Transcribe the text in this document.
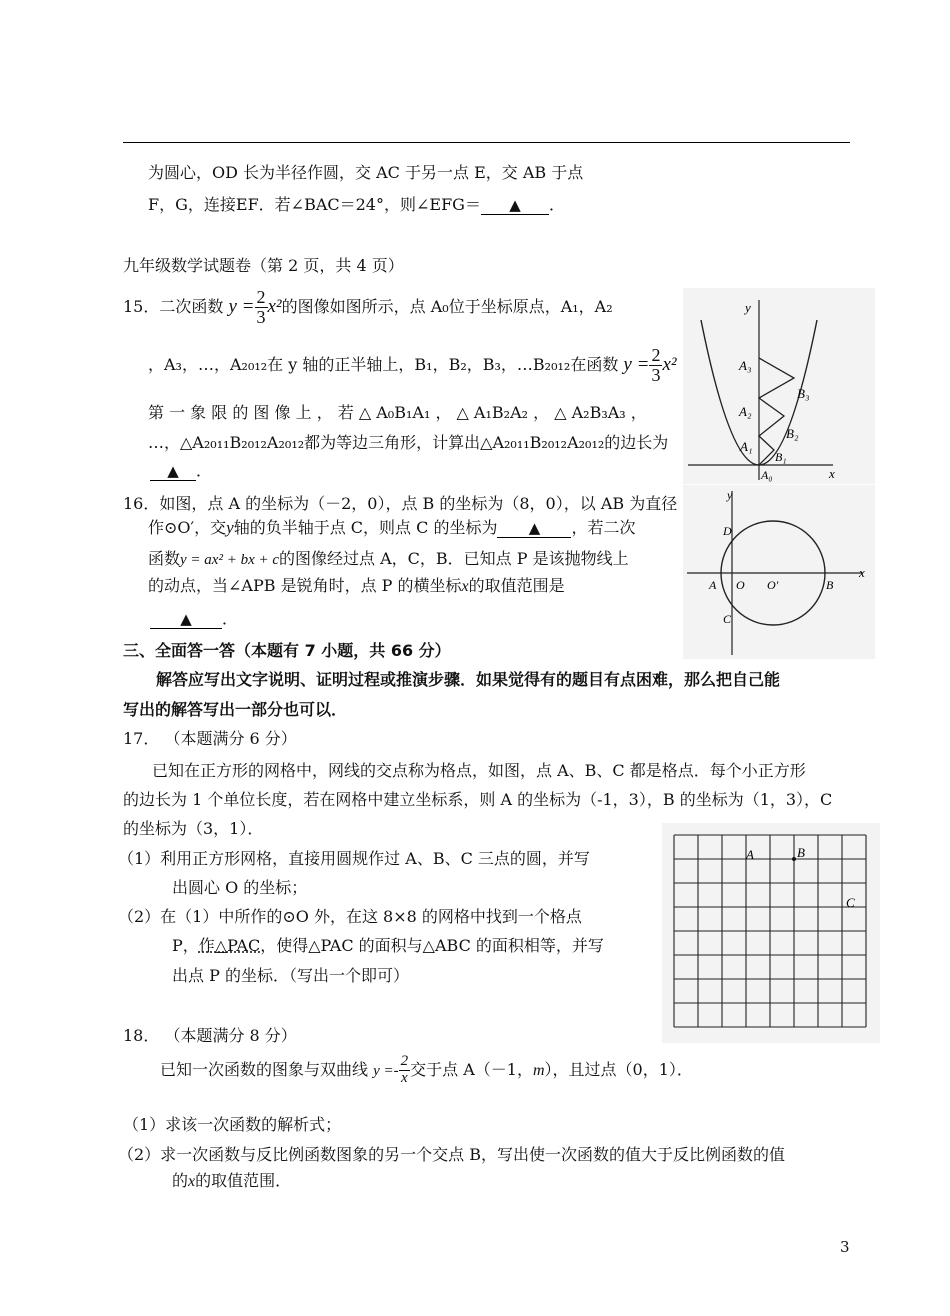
为圆心，OD 长为半径作圆，交 AC 于另一点 E，交 AB 于点
F，G，连接EF．若∠BAC＝24°，则∠EFG＝ ▲ ．
九年级数学试题卷（第 2 页，共 4 页）
15．二次函数 $y = \frac{2}{3} x^2$的图像如图所示，点 A₀位于坐标原点，A₁，A₂
，A₃，…，A₂₀₁₂在 y 轴的正半轴上，B₁，B₂，B₃，…B₂₀₁₂在函数 $y = \frac{2}{3} x^2$
第 一 象 限 的 图 像 上 ， 若 △ A₀B₁A₁ ， △ A₁B₂A₂ ， △ A₂B₃A₃ ，
…，△A₂₀₁₁B₂₀₁₂A₂₀₁₂都为等边三角形，计算出△A₂₀₁₁B₂₀₁₂A₂₀₁₂的边长为
▲ ．
y
x
A₃
A₂
A₁
A₀
B₁
B₂
B₃
16．如图，点 A 的坐标为（－2，0），点 B 的坐标为（8，0），以 AB 为直径
作⊙O′，交y轴的负半轴于点 C，则点 C 的坐标为 ▲ ，若二次
函数y = ax² + bx + c的图像经过点 A，C，B．已知点 P 是该抛物线上
的动点，当∠APB 是锐角时，点 P 的横坐标x的取值范围是
▲ ．
y
x
D
A O O′	B
C
三、全面答一答（本题有 7 小题，共 66 分）
解答应写出文字说明、证明过程或推演步骤．如果觉得有的题目有点困难，那么把自己能
写出的解答写出一部分也可以．
17． （本题满分 6 分）
已知在正方形的网格中，网线的交点称为格点，如图，点 A、B、C 都是格点．每个小正方形
的边长为 1 个单位长度，若在网格中建立坐标系，则 A 的坐标为（-1，3），B 的坐标为（1，3），C
的坐标为（3，1）．
（1）利用正方形网格，直接用圆规作过 A、B、C 三点的圆，并写
出圆心 O 的坐标；
（2）在（1）中所作的⊙O 外，在这 8×8 的网格中找到一个格点
P，作△PAC，使得△PAC 的面积与△ABC 的面积相等，并写
出点 P 的坐标．（写出一个即可）
A	B
C
18． （本题满分 8 分）
已知一次函数的图象与双曲线 $y =- \frac{2}{x}$ 交于点 A（－1，m），且过点（0，1）．
（1）求该一次函数的解析式；
（2）求一次函数与反比例函数图象的另一个交点 B，写出使一次函数的值大于反比例函数的值
的x的取值范围．
3
